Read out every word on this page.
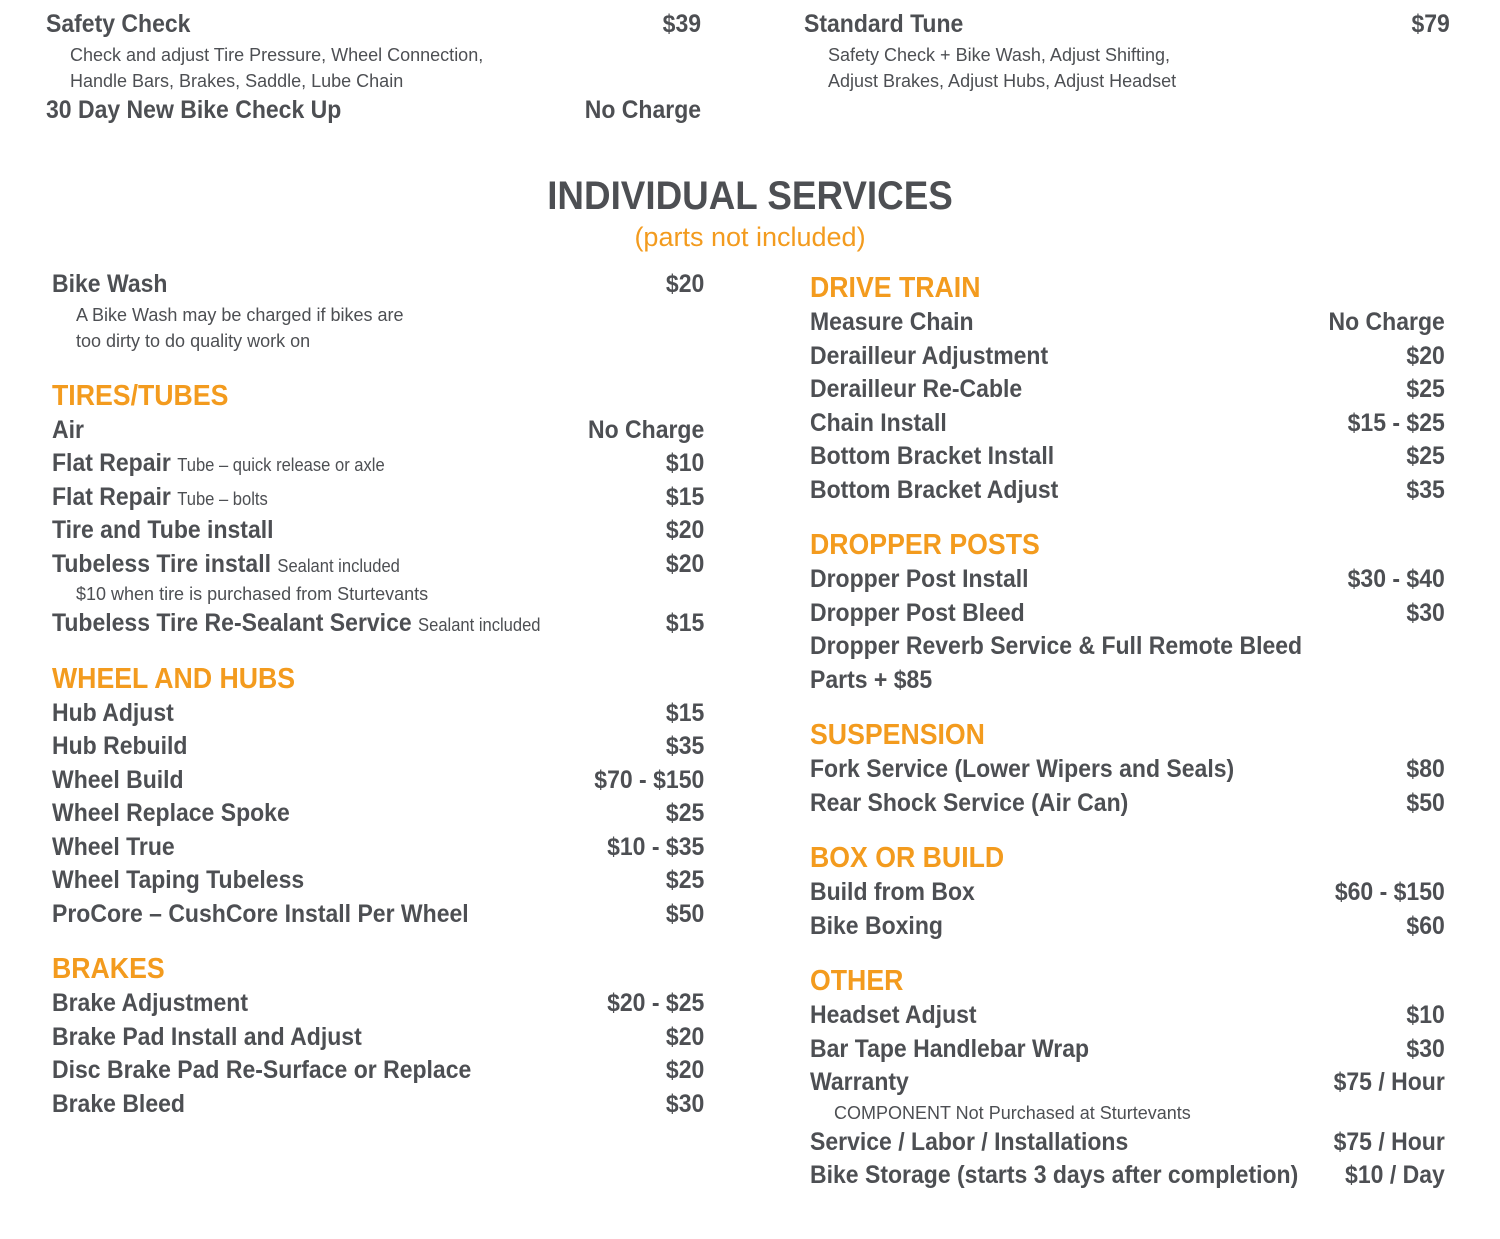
Safety Check	$39
Check and adjust Tire Pressure, Wheel Connection,
Handle Bars, Brakes, Saddle, Lube Chain
30 Day New Bike Check Up	No Charge
Standard Tune	$79
Safety Check + Bike Wash, Adjust Shifting,
Adjust Brakes, Adjust Hubs, Adjust Headset
INDIVIDUAL SERVICES
(parts not included)
Bike Wash	$20
A Bike Wash may be charged if bikes are
too dirty to do quality work on
TIRES/TUBES
Air	No Charge
Flat Repair Tube – quick release or axle	$10
Flat Repair Tube – bolts	$15
Tire and Tube install	$20
Tubeless Tire install Sealant included	$20
$10 when tire is purchased from Sturtevants
Tubeless Tire Re-Sealant Service Sealant included	$15
WHEEL AND HUBS
Hub Adjust	$15
Hub Rebuild	$35
Wheel Build	$70 - $150
Wheel Replace Spoke	$25
Wheel True	$10 - $35
Wheel Taping Tubeless	$25
ProCore – CushCore Install Per Wheel	$50
BRAKES
Brake Adjustment	$20 - $25
Brake Pad Install and Adjust	$20
Disc Brake Pad Re-Surface or Replace	$20
Brake Bleed	$30
DRIVE TRAIN
Measure Chain	No Charge
Derailleur Adjustment	$20
Derailleur Re-Cable	$25
Chain Install	$15 - $25
Bottom Bracket Install	$25
Bottom Bracket Adjust	$35
DROPPER POSTS
Dropper Post Install	$30 - $40
Dropper Post Bleed	$30
Dropper Reverb Service & Full Remote Bleed
Parts + $85
SUSPENSION
Fork Service (Lower Wipers and Seals)	$80
Rear Shock Service (Air Can)	$50
BOX OR BUILD
Build from Box	$60 - $150
Bike Boxing	$60
OTHER
Headset Adjust	$10
Bar Tape Handlebar Wrap	$30
Warranty	$75 / Hour
COMPONENT Not Purchased at Sturtevants
Service / Labor / Installations	$75 / Hour
Bike Storage (starts 3 days after completion) $10 / Day
